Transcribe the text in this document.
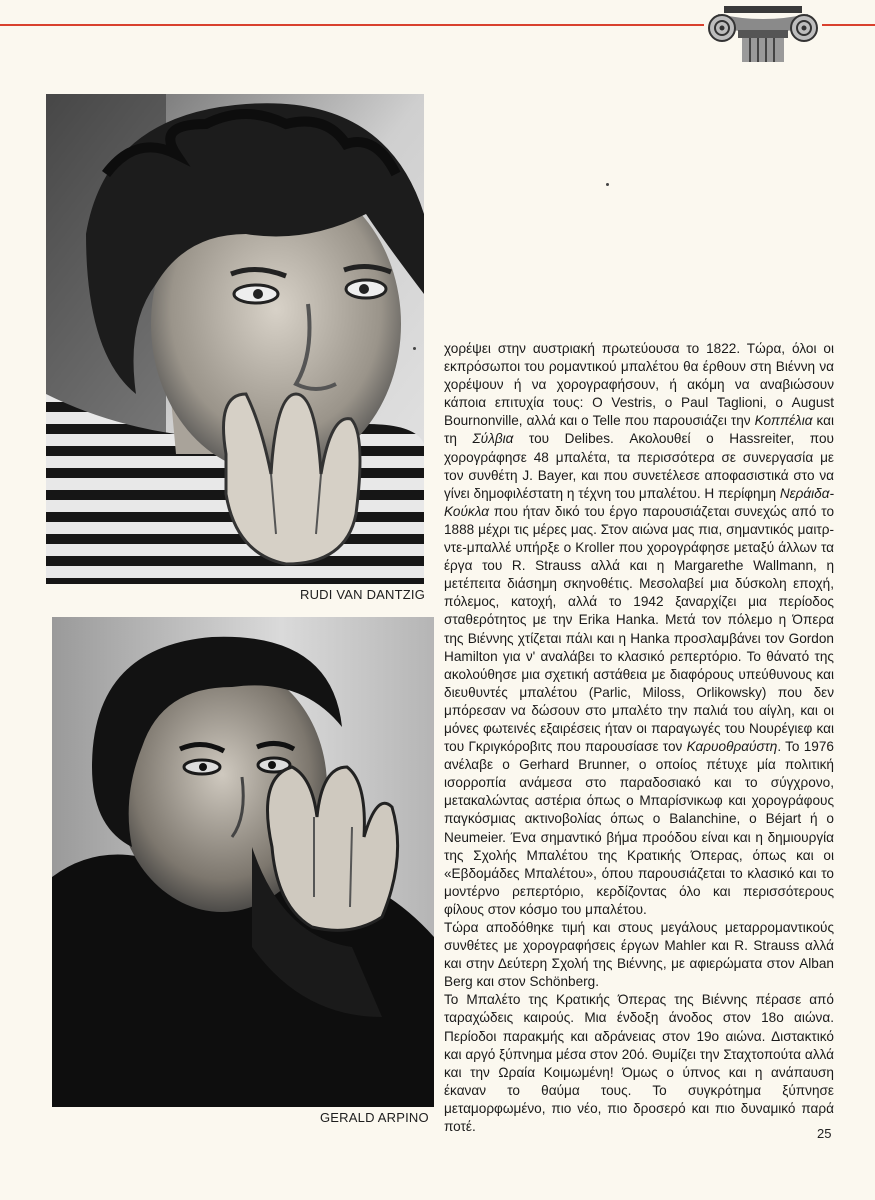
RUDI VAN DANTZIG
GERALD ARPINO

χορέψει στην αυστριακή πρωτεύουσα το 1822. Τώρα, όλοι οι εκπρόσωποι του ρομαντικού μπαλέτου θα έρθουν στη Βιέννη να χορέψουν ή να χορογραφήσουν, ή ακόμη να αναβιώσουν κάποια επιτυχία τους: Ο Vestris, ο Paul Taglioni, ο August Bournonville, αλλά και ο Telle που παρουσιάζει την Κοππέλια και τη Σύλβια του Delibes. Ακολουθεί ο Hassreiter, που χορογράφησε 48 μπαλέτα, τα περισσότερα σε συνεργασία με τον συνθέτη J. Bayer, και που συνετέλεσε αποφασιστικά στο να γίνει δημοφιλέστατη η τέχνη του μπαλέτου. Η περίφημη Νεράιδα-Κούκλα που ήταν δικό του έργο παρουσιάζεται συνεχώς από το 1888 μέχρι τις μέρες μας. Στον αιώνα μας πια, σημαντικός μαιτρ-ντε-μπαλλέ υπήρξε ο Kroller που χορογράφησε μεταξύ άλλων τα έργα του R. Strauss αλλά και η Margarethe Wallmann, η μετέπειτα διάσημη σκηνοθέτις. Μεσολαβεί μια δύσκολη εποχή, πόλεμος, κατοχή, αλλά το 1942 ξαναρχίζει μια περίοδος σταθερότητος με την Erika Hanka. Μετά τον πόλεμο η Όπερα της Βιέννης χτίζεται πάλι και η Hanka προσλαμβάνει τον Gordon Hamilton για ν' αναλάβει το κλασικό ρεπερτόριο. Το θάνατό της ακολούθησε μια σχετική αστάθεια με διαφόρους υπεύθυνους και διευθυντές μπαλέτου (Parlic, Miloss, Orlikowsky) που δεν μπόρεσαν να δώσουν στο μπαλέτο την παλιά του αίγλη, και οι μόνες φωτεινές εξαιρέσεις ήταν οι παραγωγές του Νουρέγιεφ και του Γκριγκόροβιτς που παρουσίασε τον Καρυοθραύστη. Το 1976 ανέλαβε ο Gerhard Brunner, ο οποίος πέτυχε μία πολιτική ισορροπία ανάμεσα στο παραδοσιακό και το σύγχρονο, μετακαλώντας αστέρια όπως ο Μπαρίσνικωφ και χορογράφους παγκόσμιας ακτινοβολίας όπως ο Balanchine, ο Béjart ή ο Neumeier. Ένα σημαντικό βήμα προόδου είναι και η δημιουργία της Σχολής Μπαλέτου της Κρατικής Όπερας, όπως και οι «Εβδομάδες Μπαλέτου», όπου παρουσιάζεται το κλασικό και το μοντέρνο ρεπερτόριο, κερδίζοντας όλο και περισσότερους φίλους στον κόσμο του μπαλέτου.

Τώρα αποδόθηκε τιμή και στους μεγάλους μεταρρομαντικούς συνθέτες με χορογραφήσεις έργων Mahler και R. Strauss αλλά και στην Δεύτερη Σχολή της Βιέννης, με αφιερώματα στον Alban Berg και στον Schönberg.

Το Μπαλέτο της Κρατικής Όπερας της Βιέννης πέρασε από ταραχώδεις καιρούς. Μια ένδοξη άνοδος στον 18ο αιώνα. Περίοδοι παρακμής και αδράνειας στον 19ο αιώνα. Διστακτικό και αργό ξύπνημα μέσα στον 20ό. Θυμίζει την Σταχτοπούτα αλλά και την Ωραία Κοιμωμένη! Όμως ο ύπνος και η ανάπαυση έκαναν το θαύμα τους. Το συγκρότημα ξύπνησε μεταμορφωμένο, πιο νέο, πιο δροσερό και πιο δυναμικό παρά ποτέ.	25
